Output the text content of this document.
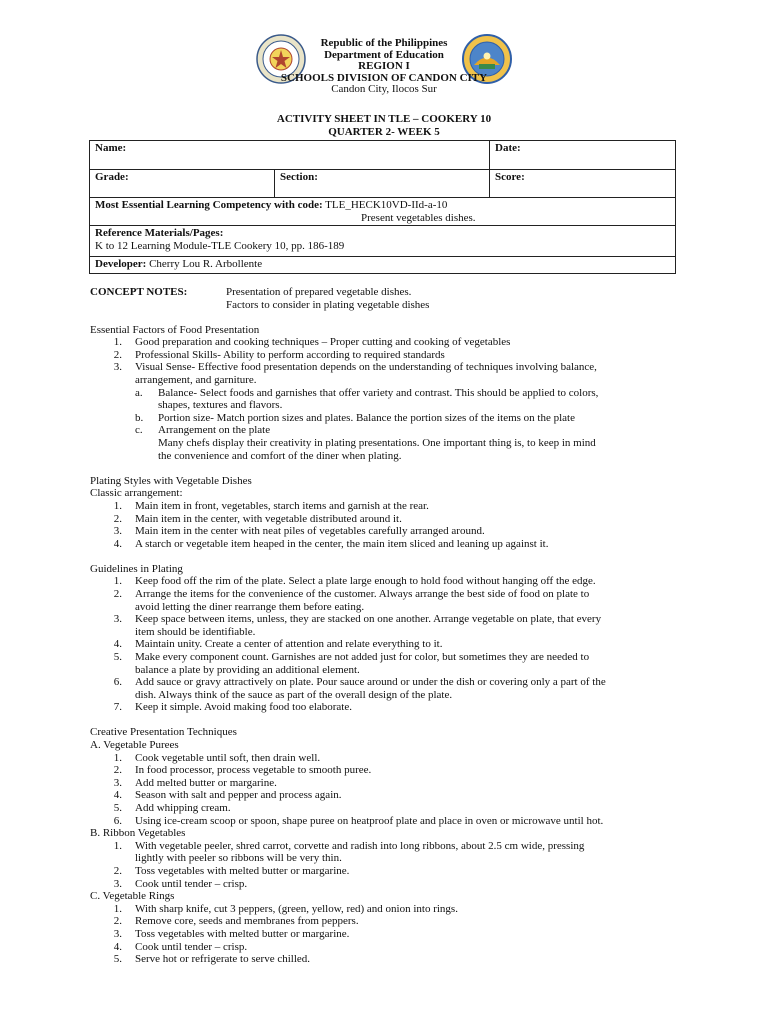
Republic of the Philippines
Department of Education
REGION I
SCHOOLS DIVISION OF CANDON CITY
Candon City, Ilocos Sur
ACTIVITY SHEET IN TLE – COOKERY 10
QUARTER 2- WEEK 5
Name:		Date:
Grade:	Section:	Score:

Most Essential Learning Competency with code: TLE_HECK10VD-IId-a-10
Present vegetables dishes.		

Reference Materials/Pages:
K to 12 Learning Module-TLE Cookery 10, pp. 186-189		

Developer: Cherry Lou R. Arbollente		
CONCEPT NOTES:	Presentation of prepared vegetable dishes.
Factors to consider in plating vegetable dishes
Essential Factors of Food Presentation
1.	Good preparation and cooking techniques – Proper cutting and cooking of vegetables
2.	Professional Skills- Ability to perform according to required standards
3.	Visual Sense- Effective food presentation depends on the understanding of techniques involving balance,
arrangement, and garniture.
a.	Balance- Select foods and garnishes that offer variety and contrast. This should be applied to colors,
shapes, textures and flavors.
b.	Portion size- Match portion sizes and plates. Balance the portion sizes of the items on the plate
c.	Arrangement on the plate
Many chefs display their creativity in plating presentations. One important thing is, to keep in mind
the convenience and comfort of the diner when plating.
Plating Styles with Vegetable Dishes
Classic arrangement:
1.	Main item in front, vegetables, starch items and garnish at the rear.
2.	Main item in the center, with vegetable distributed around it.
3.	Main item in the center with neat piles of vegetables carefully arranged around.
4.	A starch or vegetable item heaped in the center, the main item sliced and leaning up against it.
Guidelines in Plating
1.	Keep food off the rim of the plate. Select a plate large enough to hold food without hanging off the edge.
2.	Arrange the items for the convenience of the customer. Always arrange the best side of food on plate to
avoid letting the diner rearrange them before eating.
3.	Keep space between items, unless, they are stacked on one another. Arrange vegetable on plate, that every
item should be identifiable.
4.	Maintain unity. Create a center of attention and relate everything to it.
5.	Make every component count. Garnishes are not added just for color, but sometimes they are needed to
balance a plate by providing an additional element.
6.	Add sauce or gravy attractively on plate. Pour sauce around or under the dish or covering only a part of the
dish. Always think of the sauce as part of the overall design of the plate.
7.	Keep it simple. Avoid making food too elaborate.
Creative Presentation Techniques
A. Vegetable Purees
1.	Cook vegetable until soft, then drain well.
2.	In food processor, process vegetable to smooth puree.
3.	Add melted butter or margarine.
4.	Season with salt and pepper and process again.
5.	Add whipping cream.
6.	Using ice-cream scoop or spoon, shape puree on heatproof plate and place in oven or microwave until hot.
B. Ribbon Vegetables
1.	With vegetable peeler, shred carrot, corvette and radish into long ribbons, about 2.5 cm wide, pressing
lightly with peeler so ribbons will be very thin.
2.	Toss vegetables with melted butter or margarine.
3.	Cook until tender – crisp.
C. Vegetable Rings
1.	With sharp knife, cut 3 peppers, (green, yellow, red) and onion into rings.
2.	Remove core, seeds and membranes from peppers.
3.	Toss vegetables with melted butter or margarine.
4.	Cook until tender – crisp.
5.	Serve hot or refrigerate to serve chilled.
